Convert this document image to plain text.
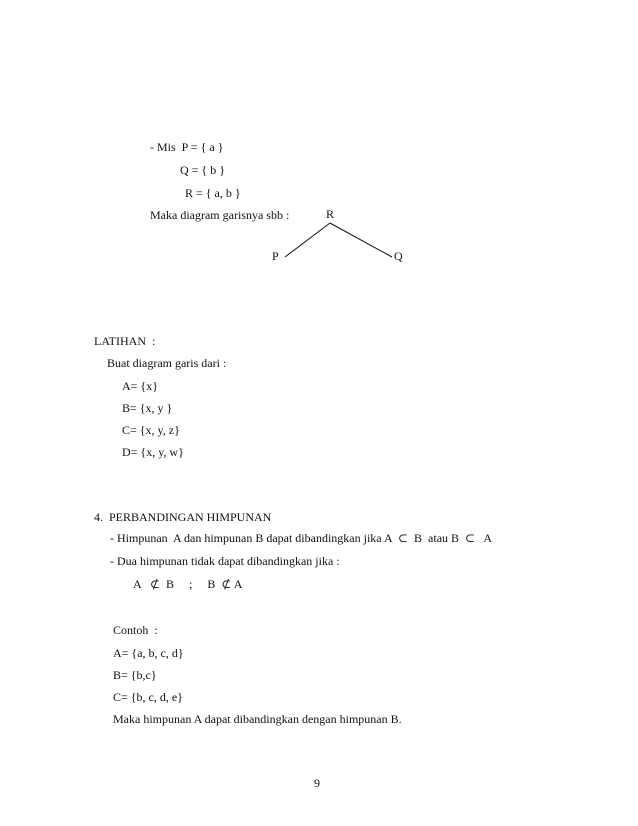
- Mis  P = { a }
Q = { b }
R = { a, b }
Maka diagram garisnya sbb :	R
P	Q
LATIHAN  :
Buat diagram garis dari :
A= {x}
B= {x, y }
C= {x, y, z}
D= {x, y, w}
4.  PERBANDINGAN HIMPUNAN
- Himpunan  A dan himpunan B dapat dibandingkan jika A  ⊂  B  atau B  ⊂   A
- Dua himpunan tidak dapat dibandingkan jika :
A   ⊄  B     ;     B  ⊄ A
Contoh  :
A= {a, b, c, d}
B= {b,c}
C= {b, c, d, e}
Maka himpunan A dapat dibandingkan dengan himpunan B.
9
